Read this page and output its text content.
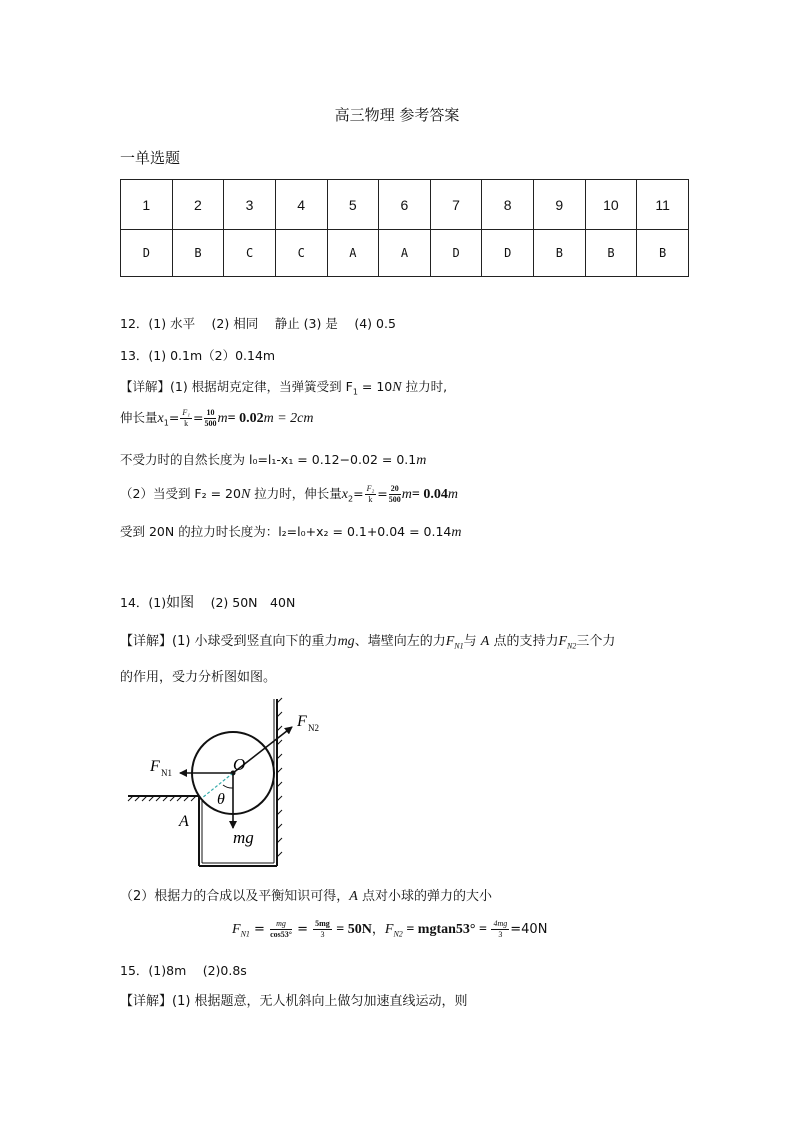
高三物理 参考答案
一单选题
1	2	3	4	5	6	7	8	9	10	11
D	B	C	C	A	A	D	D	B	B	B
12．(1) 水平　 (2) 相同　 静止 (3) 是　 (4) 0.5
13．(1) 0.1m（2）0.14m
【详解】(1) 根据胡克定律，当弹簧受到 $F_1 = 10N$ 拉力时,
伸长量$x_1= \frac{\text{F₁}}{k} = \frac{10}{500} m= 0.02m = 2cm$
不受力时的自然长度为 l₀=l₁-x₁ = 0.12−0.02 = 0.1m
（2）当受到 F₂ = 20N 拉力时，伸长量$x_2= \frac{\text{F₂}}{k} = \frac{20}{500} m= 0.04m$
受到 20N 的拉力时长度为：l₂=l₀+x₂ = 0.1+0.04 = 0.14m
14．(1)如图　 (2) 50N　40N
【详解】(1) 小球受到竖直向下的重力mg、墙壁向左的力$F_{N1}$与 A 点的支持力$F_{N2}$三个力
的作用，受力分析图如图。
F N2
F N1	O
θ
A
mg
（2）根据力的合成以及平衡知识可得，A 点对小球的弹力的大小
$F_{N1} = \frac{mg}{\cos 53^\circ} = \frac{5mg}{3} = 50N$，$F_{N2} = mgtan53^\circ = \frac{4mg}{3} =40N$
15．(1)8m　 (2)0.8s
【详解】(1) 根据题意，无人机斜向上做匀加速直线运动，则
